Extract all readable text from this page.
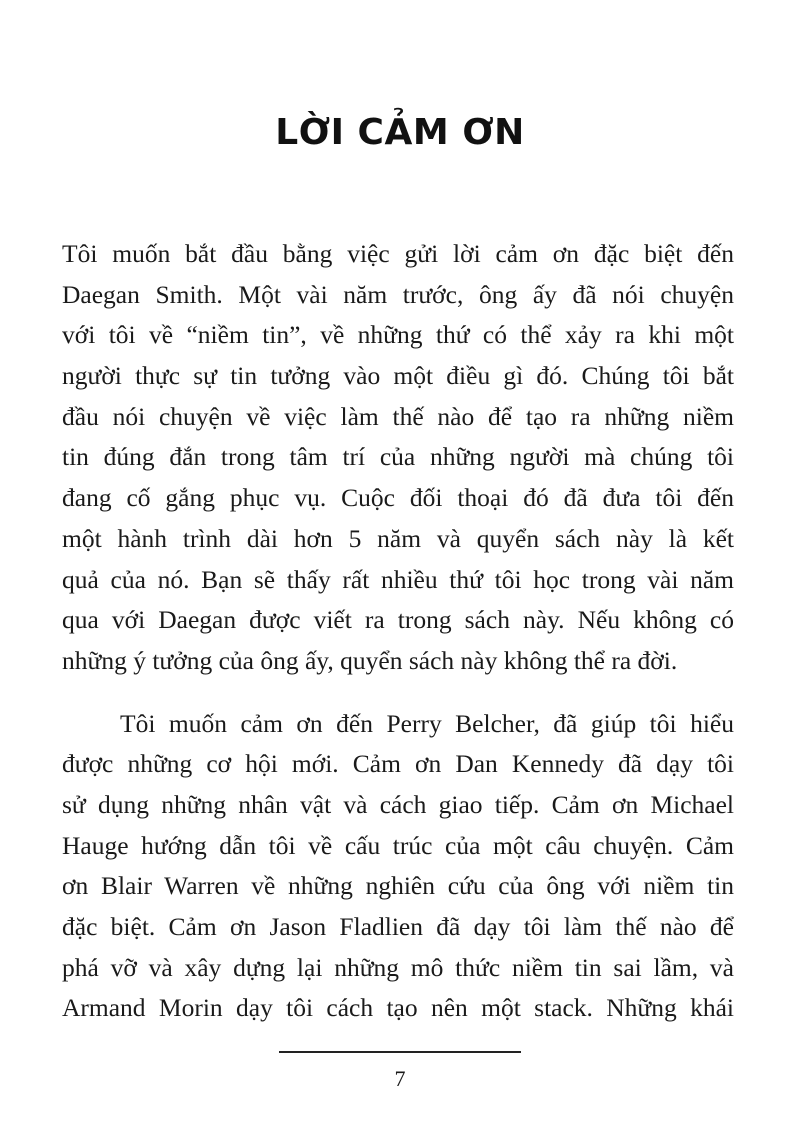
LỜI CẢM ƠN
Tôi muốn bắt đầu bằng việc gửi lời cảm ơn đặc biệt đến
Daegan Smith. Một vài năm trước, ông ấy đã nói chuyện
với tôi về “niềm tin”, về những thứ có thể xảy ra khi một
người thực sự tin tưởng vào một điều gì đó. Chúng tôi bắt
đầu nói chuyện về việc làm thế nào để tạo ra những niềm
tin đúng đắn trong tâm trí của những người mà chúng tôi
đang cố gắng phục vụ. Cuộc đối thoại đó đã đưa tôi đến
một hành trình dài hơn 5 năm và quyển sách này là kết
quả của nó. Bạn sẽ thấy rất nhiều thứ tôi học trong vài năm
qua với Daegan được viết ra trong sách này. Nếu không có
những ý tưởng của ông ấy, quyển sách này không thể ra đời.
Tôi muốn cảm ơn đến Perry Belcher, đã giúp tôi hiểu
được những cơ hội mới. Cảm ơn Dan Kennedy đã dạy tôi
sử dụng những nhân vật và cách giao tiếp. Cảm ơn Michael
Hauge hướng dẫn tôi về cấu trúc của một câu chuyện. Cảm
ơn Blair Warren về những nghiên cứu của ông với niềm tin
đặc biệt. Cảm ơn Jason Fladlien đã dạy tôi làm thế nào để
phá vỡ và xây dựng lại những mô thức niềm tin sai lầm, và
Armand Morin dạy tôi cách tạo nên một stack. Những khái
7
